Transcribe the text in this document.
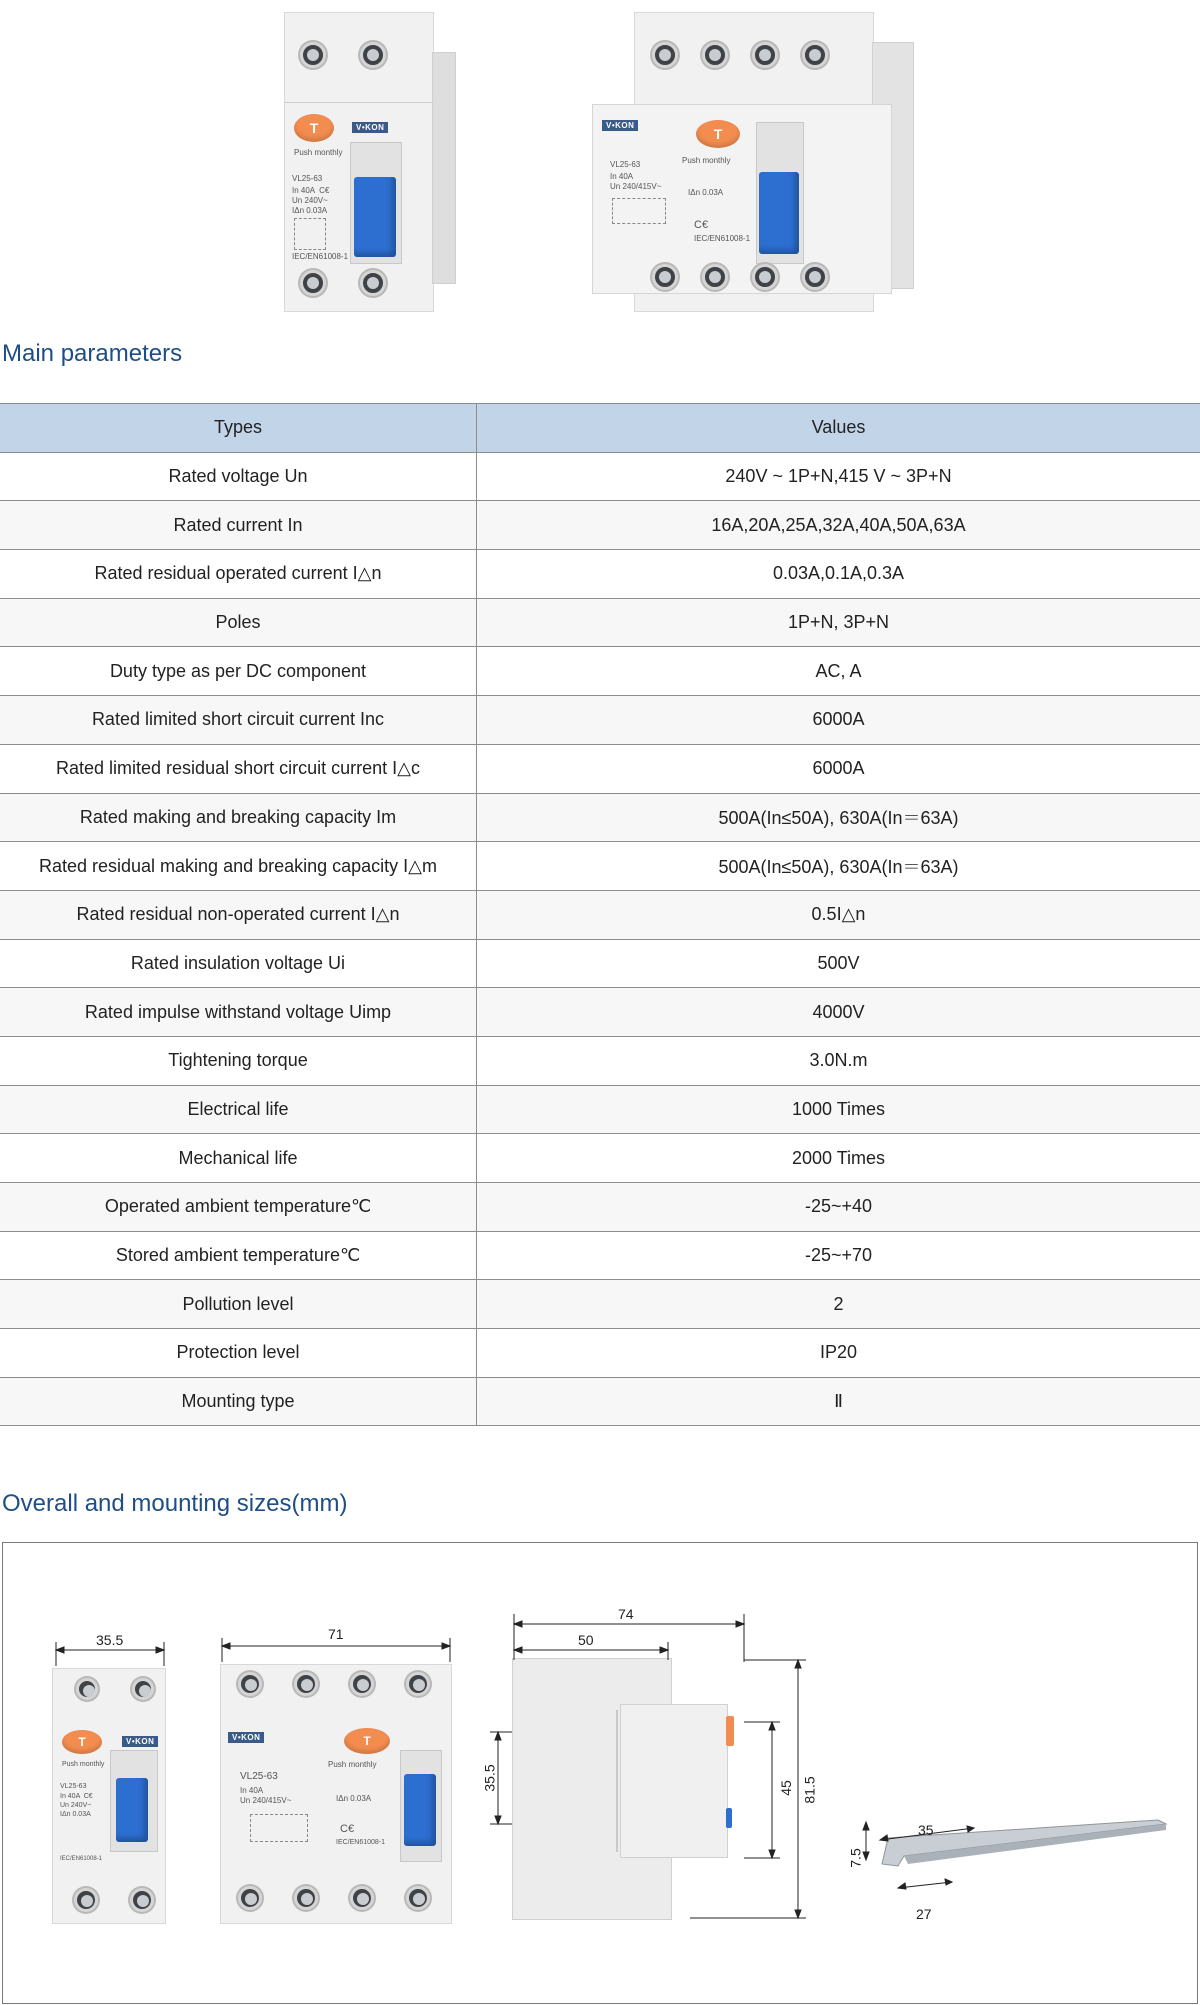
T	V•KON
Push monthly
VL25-63
In 40A  C€
Un 240V~
IΔn 0.03A
IEC/EN61008-1
V•KON
T
Push monthly
VL25-63
In 40A
Un 240/415V~
IΔn 0.03A
C€
IEC/EN61008-1
Main parameters
Types	Values
Rated voltage Un	240V ~ 1P+N,415 V ~ 3P+N
Rated current In	16A,20A,25A,32A,40A,50A,63A
Rated residual operated current I△n	0.03A,0.1A,0.3A
Poles	1P+N, 3P+N
Duty type as per DC component	AC, A
Rated limited short circuit current Inc	6000A
Rated limited residual short circuit current I△c	6000A
Rated making and breaking capacity Im	500A(In≤50A), 630A(In＝63A)
Rated residual making and breaking capacity I△m	500A(In≤50A), 630A(In＝63A)
Rated residual non-operated current I△n	0.5I△n
Rated insulation voltage Ui	500V
Rated impulse withstand voltage Uimp	4000V
Tightening torque	3.0N.m
Electrical life	1000 Times
Mechanical life	2000 Times
Operated ambient temperature℃	-25~+40
Stored ambient temperature℃	-25~+70
Pollution level	2
Protection level	IP20
Mounting type	Ⅱ
Overall and mounting sizes(mm)
T	V•KON
Push monthly
VL25-63
In 40A  C€
Un 240V~
IΔn 0.03A
IEC/EN61008-1
V•KON	T
Push monthly
VL25-63
In 40A
Un 240/415V~	IΔn 0.03A
C€
IEC/EN61008-1
35.5	71
74
50
35.5	45 81.5
35
7.5
27
